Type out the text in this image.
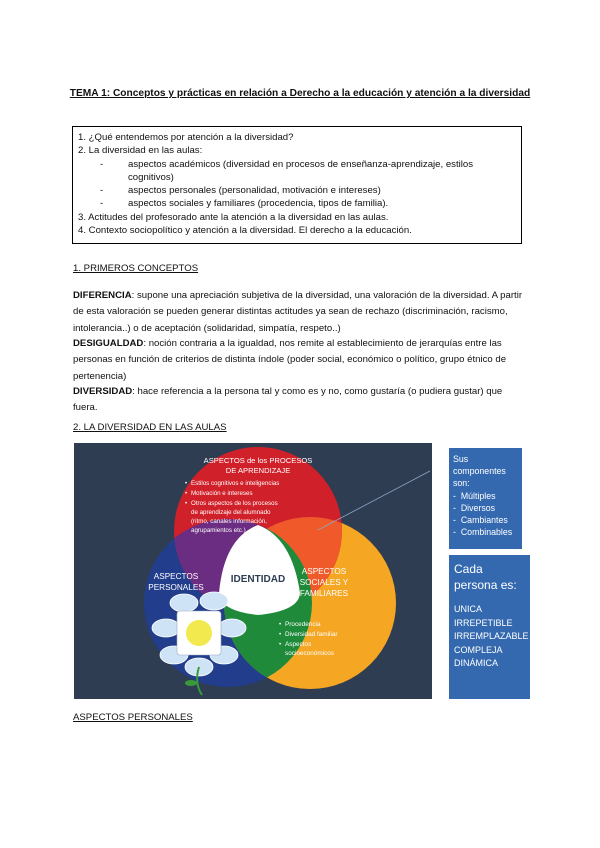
TEMA 1: Conceptos y prácticas en relación a Derecho a la educación y atención a la diversidad
1. ¿Qué entendemos por atención a la diversidad?
2. La diversidad en las aulas:
-	aspectos académicos (diversidad en procesos de enseñanza-aprendizaje, estilos cognitivos)
-	aspectos personales (personalidad, motivación e intereses)
-	aspectos sociales y familiares (procedencia, tipos de familia).
3. Actitudes del profesorado ante la atención a la diversidad en las aulas.
4. Contexto sociopolítico y atención a la diversidad. El derecho a la educación.
1. PRIMEROS CONCEPTOS
DIFERENCIA: supone una apreciación subjetiva de la diversidad, una valoración de la diversidad. A partir de esta valoración se pueden generar distintas actitudes ya sean de rechazo (discriminación, racismo, intolerancia..) o de aceptación (solidaridad, simpatía, respeto..)
DESIGUALDAD: noción contraria a la igualdad, nos remite al establecimiento de jerarquías entre las personas en función de criterios de distinta índole (poder social, económico o político, grupo étnico de pertenencia)
DIVERSIDAD: hace referencia a la persona tal y como es y no, como gustaría (o pudiera gustar) que fuera.
2. LA DIVERSIDAD EN LAS AULAS
ASPECTOS de los PROCESOS
DE APRENDIZAJE
• Estilos cognitivos e inteligencias
• Motivación e intereses
• Otros aspectos de los procesos
de aprendizaje del alumnado
(ritmo, canales información,
agrupamientos etc.)
ASPECTOS
PERSONALES
ASPECTOS
SOCIALES Y
FAMILIARES
IDENTIDAD
• Procedencia
• Diversidad familiar
• Aspectos
socioeconómicos
Sus componentes son:
- Múltiples
- Diversos
- Cambiantes
- Combinables
Cada persona es:
UNICA
IRREPETIBLE
IRREMPLAZABLE
COMPLEJA
DINÁMICA
ASPECTOS PERSONALES
